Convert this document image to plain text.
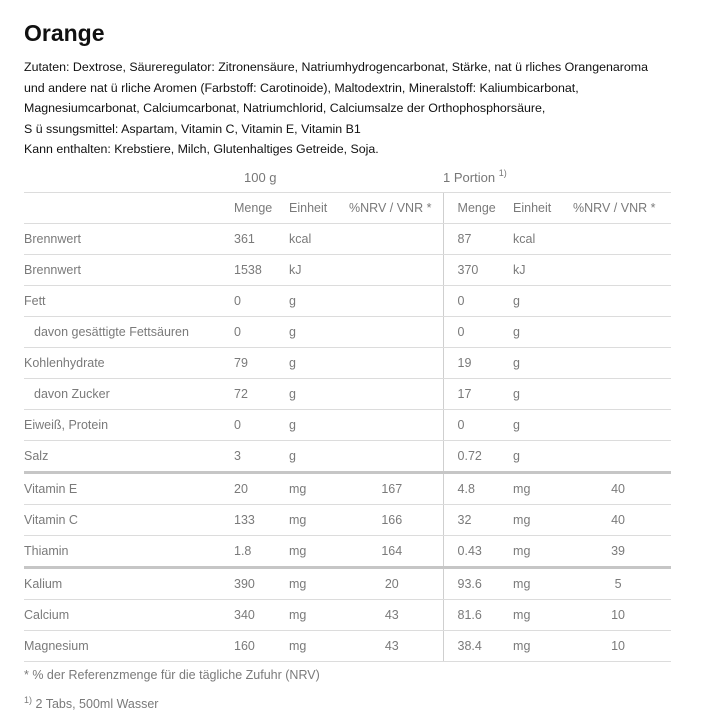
Orange
Zutaten: Dextrose, Säureregulator: Zitronensäure, Natriumhydrogencarbonat, Stärke, nat ü rliches Orangenaroma
und andere nat ü rliche Aromen (Farbstoff: Carotinoide), Maltodextrin, Mineralstoff: Kaliumbicarbonat,
Magnesiumcarbonat, Calciumcarbonat, Natriumchlorid, Calciumsalze der Orthophosphorsäure,
S ü ssungsmittel: Aspartam, Vitamin C, Vitamin E, Vitamin B1
Kann enthalten: Krebstiere, Milch, Glutenhaltiges Getreide, Soja.
	100 g			1 Portion $^{1)}$
	Menge	Einheit	%NRV / VNR *	Menge	Einheit	%NRV / VNR *
Brennwert	361	kcal		87	kcal	
Brennwert	1538	kJ		370	kJ	
Fett	0	g		0	g	
davon gesättigte Fettsäuren	0	g		0	g	
Kohlenhydrate	79	g		19	g	
davon Zucker	72	g		17	g	
Eiweiß, Protein	0	g		0	g	
Salz	3	g		0.72	g	
Vitamin E	20	mg	167	4.8	mg	40
Vitamin C	133	mg	166	32	mg	40
Thiamin	1.8	mg	164	0.43	mg	39
Kalium	390	mg	20	93.6	mg	5
Calcium	340	mg	43	81.6	mg	10
Magnesium	160	mg	43	38.4	mg	10
* % der Referenzmenge für die tägliche Zufuhr (NRV)
$^{1)}$ 2 Tabs, 500ml Wasser
